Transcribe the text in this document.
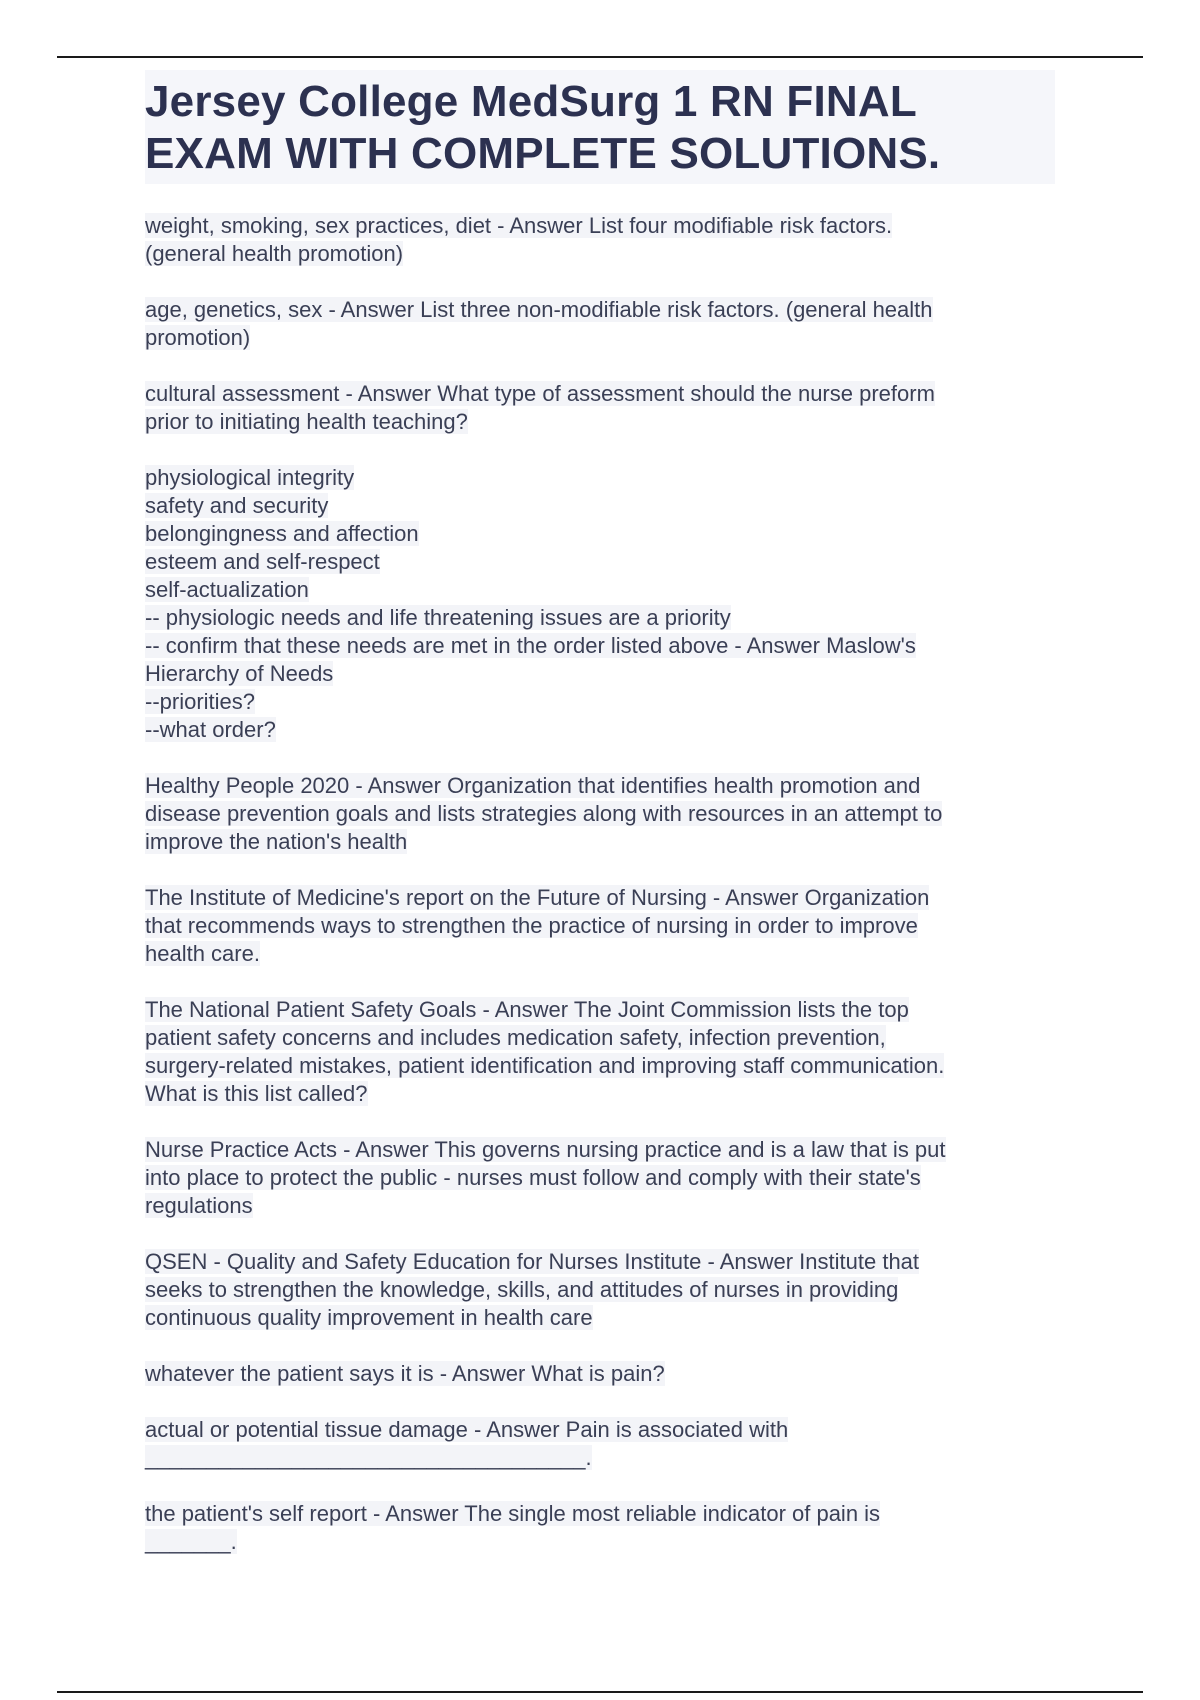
Jersey College MedSurg 1 RN FINAL EXAM WITH COMPLETE SOLUTIONS.
weight, smoking, sex practices, diet - Answer List four modifiable risk factors.
(general health promotion)
age, genetics, sex - Answer List three non-modifiable risk factors. (general health
promotion)
cultural assessment - Answer What type of assessment should the nurse preform
prior to initiating health teaching?
physiological integrity
safety and security
belongingness and affection
esteem and self-respect
self-actualization
-- physiologic needs and life threatening issues are a priority
-- confirm that these needs are met in the order listed above - Answer Maslow's
Hierarchy of Needs
--priorities?
--what order?
Healthy People 2020 - Answer Organization that identifies health promotion and
disease prevention goals and lists strategies along with resources in an attempt to
improve the nation's health
The Institute of Medicine's report on the Future of Nursing - Answer Organization
that recommends ways to strengthen the practice of nursing in order to improve
health care.
The National Patient Safety Goals - Answer The Joint Commission lists the top
patient safety concerns and includes medication safety, infection prevention,
surgery-related mistakes, patient identification and improving staff communication.
What is this list called?
Nurse Practice Acts - Answer This governs nursing practice and is a law that is put
into place to protect the public - nurses must follow and comply with their state's
regulations
QSEN - Quality and Safety Education for Nurses Institute - Answer Institute that
seeks to strengthen the knowledge, skills, and attitudes of nurses in providing
continuous quality improvement in health care
whatever the patient says it is - Answer What is pain?
actual or potential tissue damage - Answer Pain is associated with
____________________________________.
the patient's self report - Answer The single most reliable indicator of pain is
_______.
